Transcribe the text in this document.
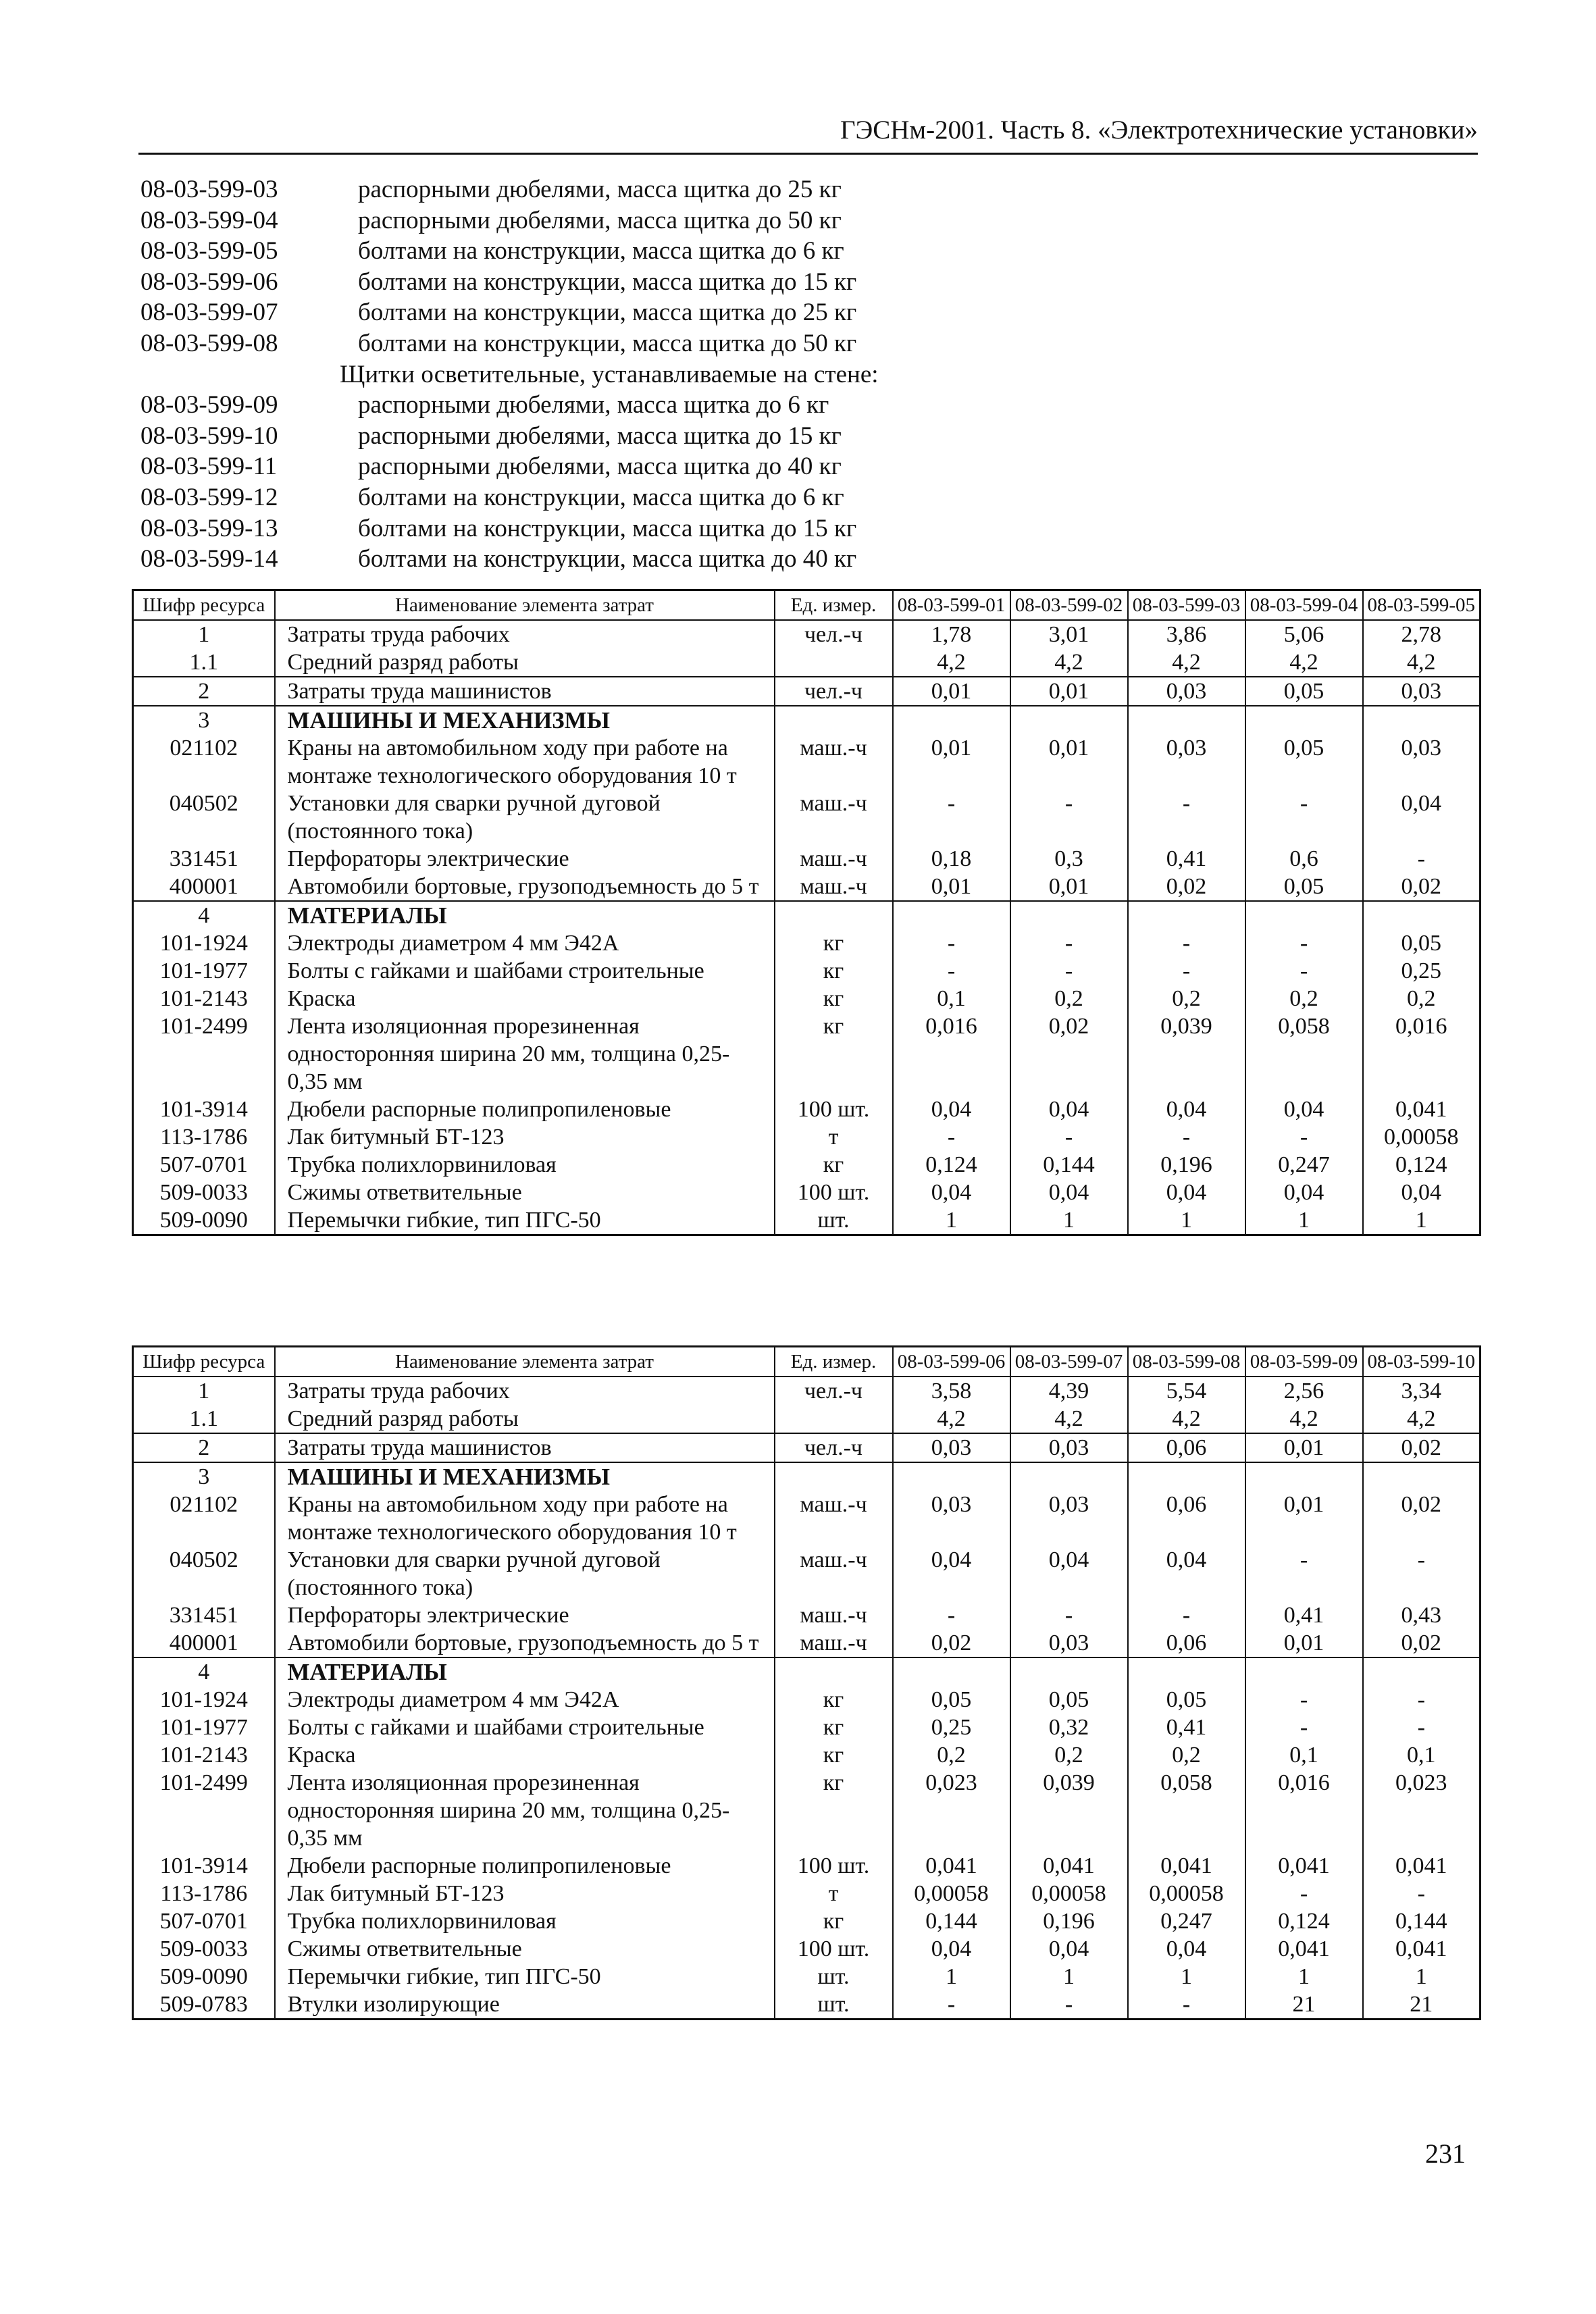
ГЭСНм-2001. Часть 8. «Электротехнические установки»
08-03-599-03	распорными дюбелями, масса щитка до 25 кг
08-03-599-04	распорными дюбелями, масса щитка до 50 кг
08-03-599-05	болтами на конструкции, масса щитка до 6 кг
08-03-599-06	болтами на конструкции, масса щитка до 15 кг
08-03-599-07	болтами на конструкции, масса щитка до 25 кг
08-03-599-08	болтами на конструкции, масса щитка до 50 кг
Щитки осветительные, устанавливаемые на стене:
08-03-599-09	распорными дюбелями, масса щитка до 6 кг
08-03-599-10	распорными дюбелями, масса щитка до 15 кг
08-03-599-11	распорными дюбелями, масса щитка до 40 кг
08-03-599-12	болтами на конструкции, масса щитка до 6 кг
08-03-599-13	болтами на конструкции, масса щитка до 15 кг
08-03-599-14	болтами на конструкции, масса щитка до 40 кг
Шифр ресурса	Наименование элемента затрат	Ед. измер.	08-03-599-01	08-03-599-02	08-03-599-03	08-03-599-04	08-03-599-05
1	Затраты труда рабочих	чел.-ч	1,78	3,01	3,86	5,06	2,78
1.1	Средний разряд работы		4,2	4,2	4,2	4,2	4,2
2	Затраты труда машинистов	чел.-ч	0,01	0,01	0,03	0,05	0,03
3	МАШИНЫ И МЕХАНИЗМЫ						
021102	Краны на автомобильном ходу при работе на монтаже технологического оборудования 10 т	маш.-ч	0,01	0,01	0,03	0,05	0,03
040502	Установки для сварки ручной дуговой (постоянного тока)	маш.-ч	-	-	-	-	0,04
331451	Перфораторы электрические	маш.-ч	0,18	0,3	0,41	0,6	-
400001	Автомобили бортовые, грузоподъемность до 5 т	маш.-ч	0,01	0,01	0,02	0,05	0,02
4	МАТЕРИАЛЫ						
101-1924	Электроды диаметром 4 мм Э42А	кг	-	-	-	-	0,05
101-1977	Болты с гайками и шайбами строительные	кг	-	-	-	-	0,25
101-2143	Краска	кг	0,1	0,2	0,2	0,2	0,2
101-2499	Лента изоляционная прорезиненная односторонняя ширина 20 мм, толщина 0,25-0,35 мм	кг	0,016	0,02	0,039	0,058	0,016
101-3914	Дюбели распорные полипропиленовые	100 шт.	0,04	0,04	0,04	0,04	0,041
113-1786	Лак битумный БТ-123	т	-	-	-	-	0,00058
507-0701	Трубка полихлорвиниловая	кг	0,124	0,144	0,196	0,247	0,124
509-0033	Сжимы ответвительные	100 шт.	0,04	0,04	0,04	0,04	0,04
509-0090	Перемычки гибкие, тип ПГС-50	шт.	1	1	1	1	1
Шифр ресурса	Наименование элемента затрат	Ед. измер.	08-03-599-06	08-03-599-07	08-03-599-08	08-03-599-09	08-03-599-10
1	Затраты труда рабочих	чел.-ч	3,58	4,39	5,54	2,56	3,34
1.1	Средний разряд работы		4,2	4,2	4,2	4,2	4,2
2	Затраты труда машинистов	чел.-ч	0,03	0,03	0,06	0,01	0,02
3	МАШИНЫ И МЕХАНИЗМЫ						
021102	Краны на автомобильном ходу при работе на монтаже технологического оборудования 10 т	маш.-ч	0,03	0,03	0,06	0,01	0,02
040502	Установки для сварки ручной дуговой (постоянного тока)	маш.-ч	0,04	0,04	0,04	-	-
331451	Перфораторы электрические	маш.-ч	-	-	-	0,41	0,43
400001	Автомобили бортовые, грузоподъемность до 5 т	маш.-ч	0,02	0,03	0,06	0,01	0,02
4	МАТЕРИАЛЫ						
101-1924	Электроды диаметром 4 мм Э42А	кг	0,05	0,05	0,05	-	-
101-1977	Болты с гайками и шайбами строительные	кг	0,25	0,32	0,41	-	-
101-2143	Краска	кг	0,2	0,2	0,2	0,1	0,1
101-2499	Лента изоляционная прорезиненная односторонняя ширина 20 мм, толщина 0,25-0,35 мм	кг	0,023	0,039	0,058	0,016	0,023
101-3914	Дюбели распорные полипропиленовые	100 шт.	0,041	0,041	0,041	0,041	0,041
113-1786	Лак битумный БТ-123	т	0,00058	0,00058	0,00058	-	-
507-0701	Трубка полихлорвиниловая	кг	0,144	0,196	0,247	0,124	0,144
509-0033	Сжимы ответвительные	100 шт.	0,04	0,04	0,04	0,041	0,041
509-0090	Перемычки гибкие, тип ПГС-50	шт.	1	1	1	1	1
509-0783	Втулки изолирующие	шт.	-	-	-	21	21
231
